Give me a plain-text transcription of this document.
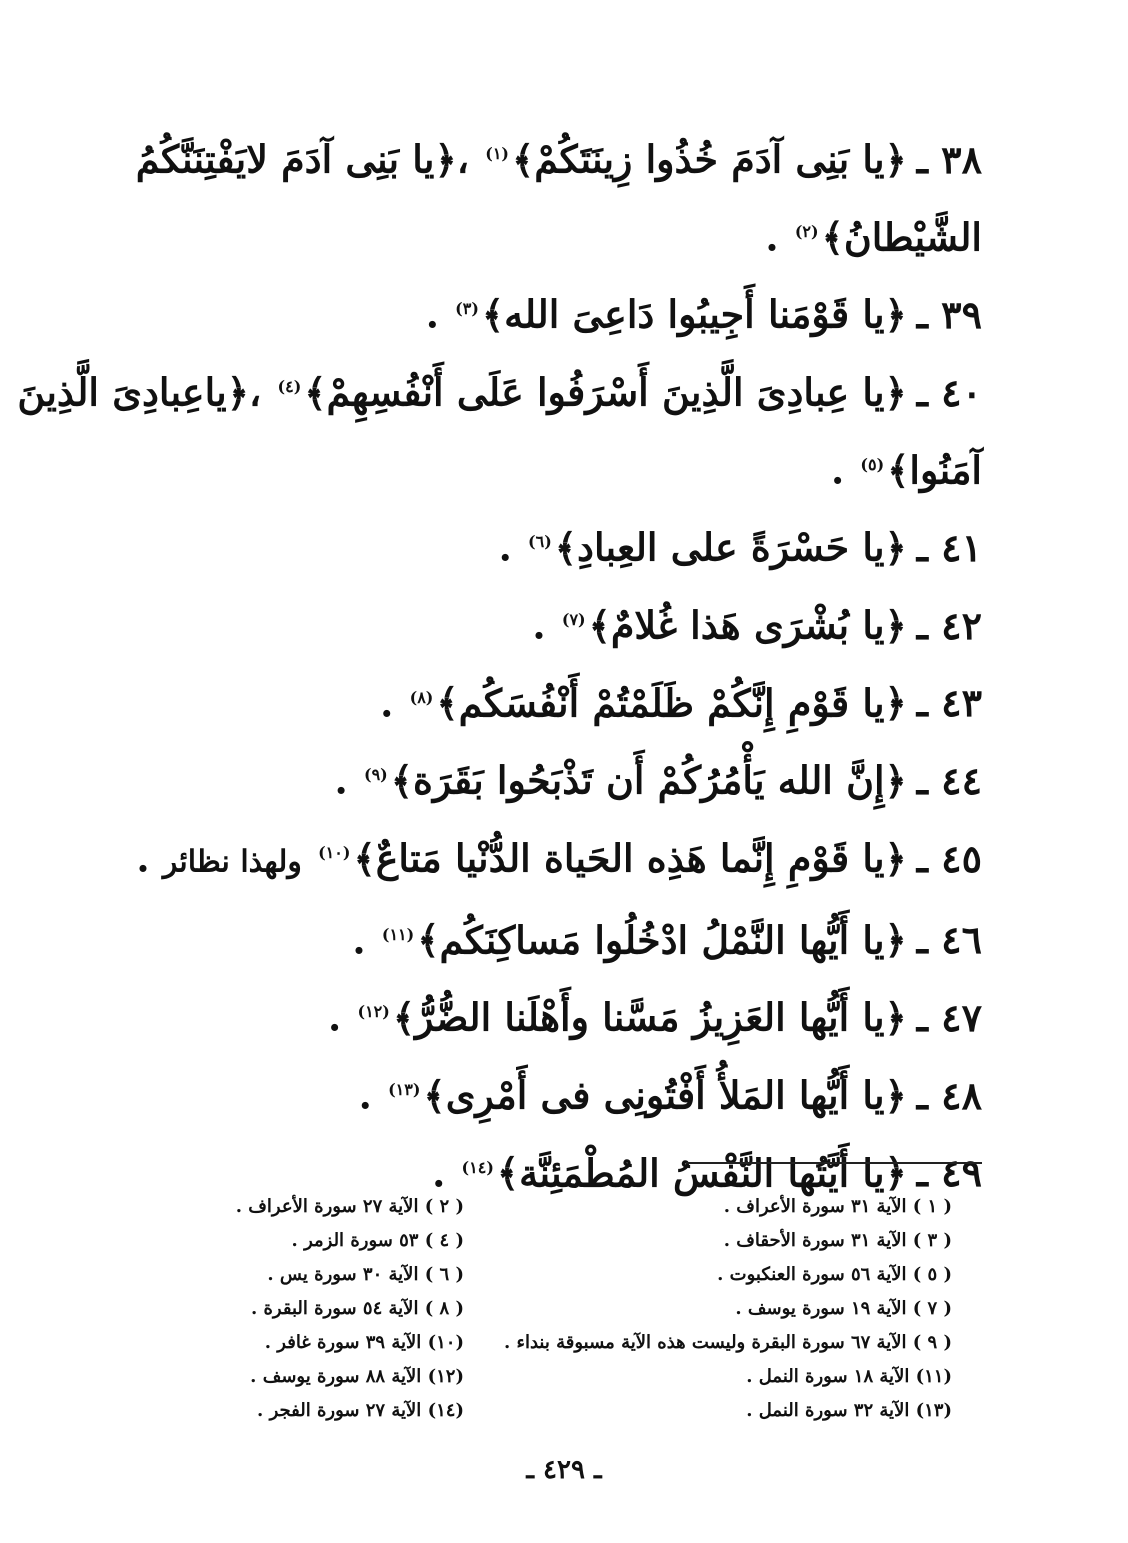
٣٨ ـ﴿ يا بَنِى آدَمَ خُذُوا زِينَتَكُمْ ﴾$^{(١)}$ ،﴿ يا بَنِى آدَمَ لايَفْتِنَنَّكُمُ
الشَّيْطانُ﴾$^{(٢)}$ .
٣٩ ـ﴿ يا قَوْمَنا أَجِيبُوا دَاعِىَ الله ﴾$^{(٣)}$ .
٤٠ ـ﴿ يا عِبادِىَ الَّذِينَ أَسْرَفُوا عَلَى أَنْفُسِهِمْ ﴾$^{(٤)}$ ،﴿ ياعِبادِىَ الَّذِينَ
آمَنُوا﴾$^{(٥)}$ .
٤١ ـ﴿ يا حَسْرَةً على العِبادِ ﴾$^{(٦)}$ .
٤٢ ـ﴿ يا بُشْرَى هَذا غُلامٌ ﴾$^{(٧)}$ .
٤٣ ـ﴿ يا قَوْمِ إِنَّكُمْ ظَلَمْتُمْ أَنْفُسَكُم ﴾$^{(٨)}$ .
٤٤ ـ﴿ إِنَّ الله يَأْمُرُكُمْ أَن تَذْبَحُوا بَقَرَة ﴾$^{(٩)}$ .
٤٥ ـ﴿ يا قَوْمِ إِنَّما هَذِه الحَياة الدُّنْيا مَتاعٌ ﴾$^{(١٠)}$ ولهذا نظائر .
٤٦ ـ﴿ يا أَيُّها النَّمْلُ ادْخُلُوا مَساكِنَكُم ﴾$^{(١١)}$ .
٤٧ ـ﴿ يا أَيُّها العَزِيزُ مَسَّنا وأَهْلَنا الضُّرُّ ﴾$^{(١٢)}$ .
٤٨ ـ﴿ يا أَيُّها المَلأُ أَفْتُونِى فى أَمْرِى ﴾$^{(١٣)}$ .
٤٩ ـ﴿ يا أَيَّتُها النَّفْسُ المُطْمَئِنَّة ﴾$^{(١٤)}$ .
( ١ ) الآية ٣١ سورة الأعراف .
( ٣ ) الآية ٣١ سورة الأحقاف .
( ٥ ) الآية ٥٦ سورة العنكبوت .
( ٧ ) الآية ١٩ سورة يوسف .
( ٩ ) الآية ٦٧ سورة البقرة وليست هذه الآية مسبوقة بنداء .
(١١) الآية ١٨ سورة النمل .
(١٣) الآية ٣٢ سورة النمل .
( ٢ ) الآية ٢٧ سورة الأعراف .
( ٤ ) ٥٣ سورة الزمر .
( ٦ ) الآية ٣٠ سورة يس .
( ٨ ) الآية ٥٤ سورة البقرة .
(١٠) الآية ٣٩ سورة غافر .
(١٢) الآية ٨٨ سورة يوسف .
(١٤) الآية ٢٧ سورة الفجر .
ـ ٤٢٩ ـ
